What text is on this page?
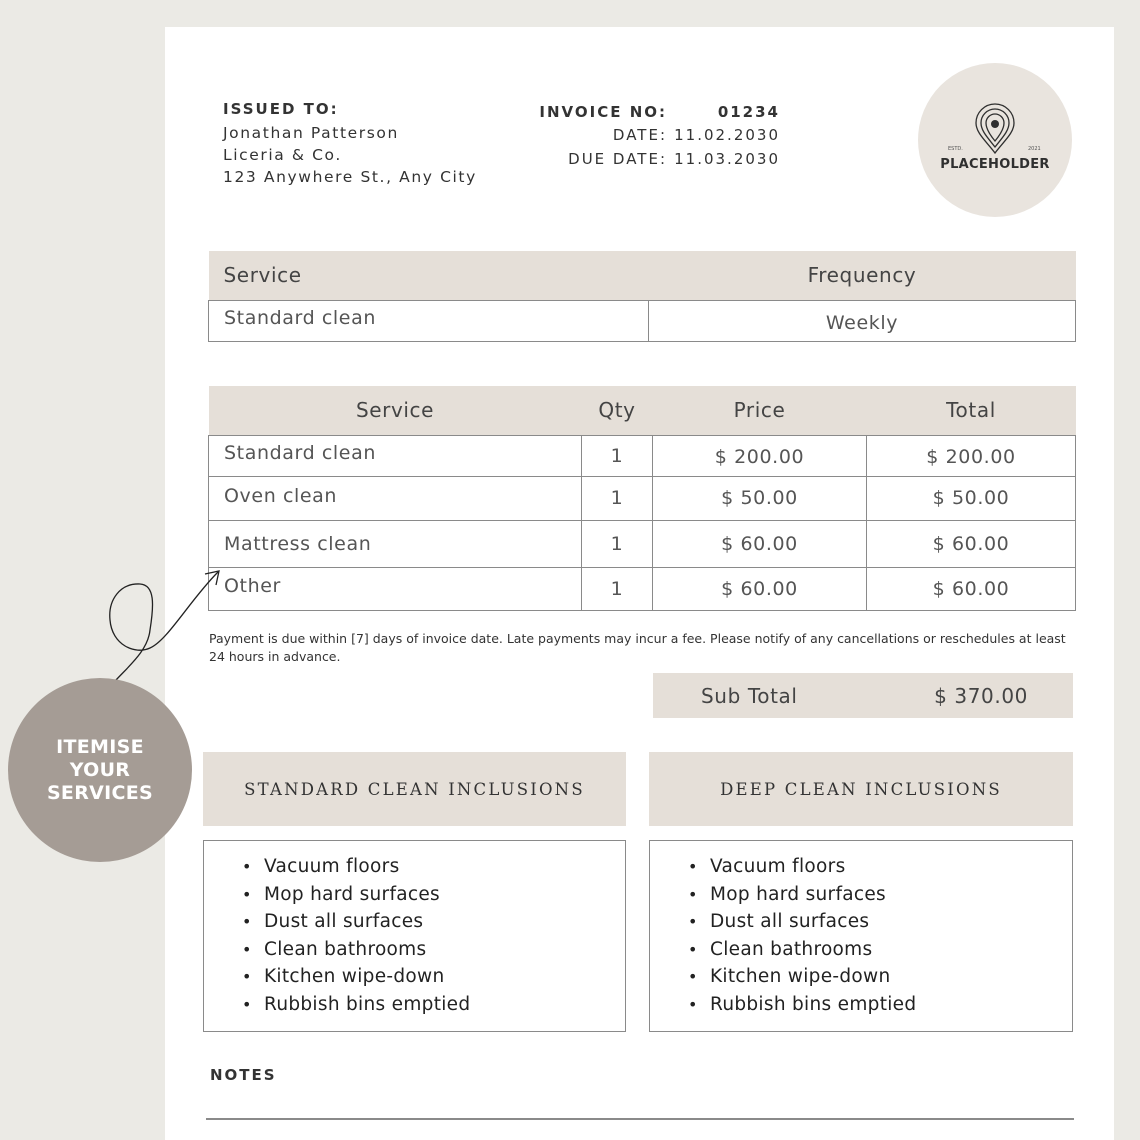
ISSUED TO:
Jonathan Patterson
Liceria & Co.
123 Anywhere St., Any City
INVOICE NO:	01234
DATE: 11.02.2030
DUE DATE: 11.03.2030
ESTD.	2021
PLACEHOLDER
Service	Frequency
Standard clean	Weekly
Service	Qty	Price	Total
Standard clean	1	$ 200.00	$ 200.00
Oven clean	1	$ 50.00	$ 50.00
Mattress clean	1	$ 60.00	$ 60.00
Other	1	$ 60.00	$ 60.00
Payment is due within [7] days of invoice date. Late payments may incur a fee. Please notify of any cancellations or reschedules at least 24 hours in advance.
Sub Total	$ 370.00
STANDARD CLEAN INCLUSIONS	DEEP CLEAN INCLUSIONS
• Vacuum floors
• Mop hard surfaces
• Dust all surfaces
• Clean bathrooms
• Kitchen wipe-down
• Rubbish bins emptied
• Vacuum floors
• Mop hard surfaces
• Dust all surfaces
• Clean bathrooms
• Kitchen wipe-down
• Rubbish bins emptied
NOTES
ITEMISE
YOUR
SERVICES
